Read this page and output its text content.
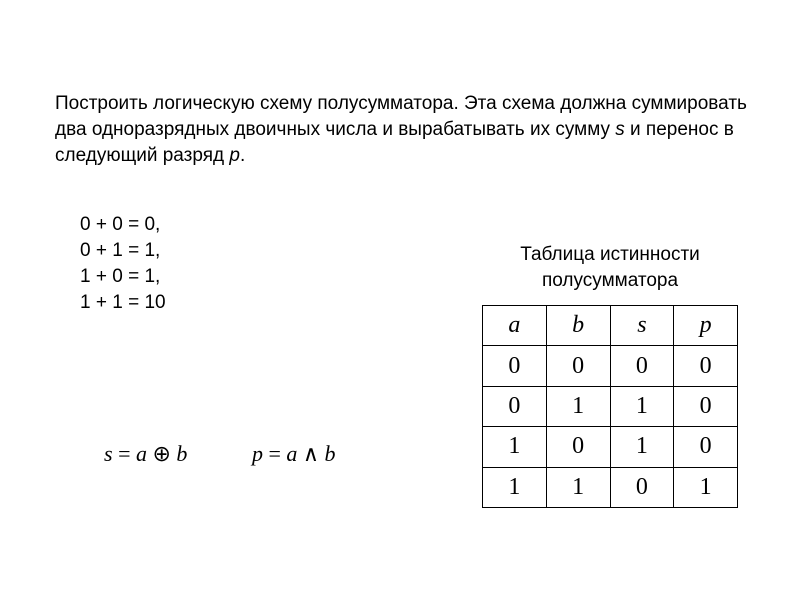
Построить логическую схему полусумматора. Эта схема должна суммировать два одноразрядных двоичных числа и вырабатывать их сумму s и перенос в следующий разряд p.

0 + 0 = 0,
0 + 1 = 1,
1 + 0 = 1,
1 + 1 = 10
s = a ⊕ b	p = a ∧ b
Таблица истинности
полусумматора
a	b	s	p
0	0	0	0
0	1	1	0
1	0	1	0
1	1	0	1
